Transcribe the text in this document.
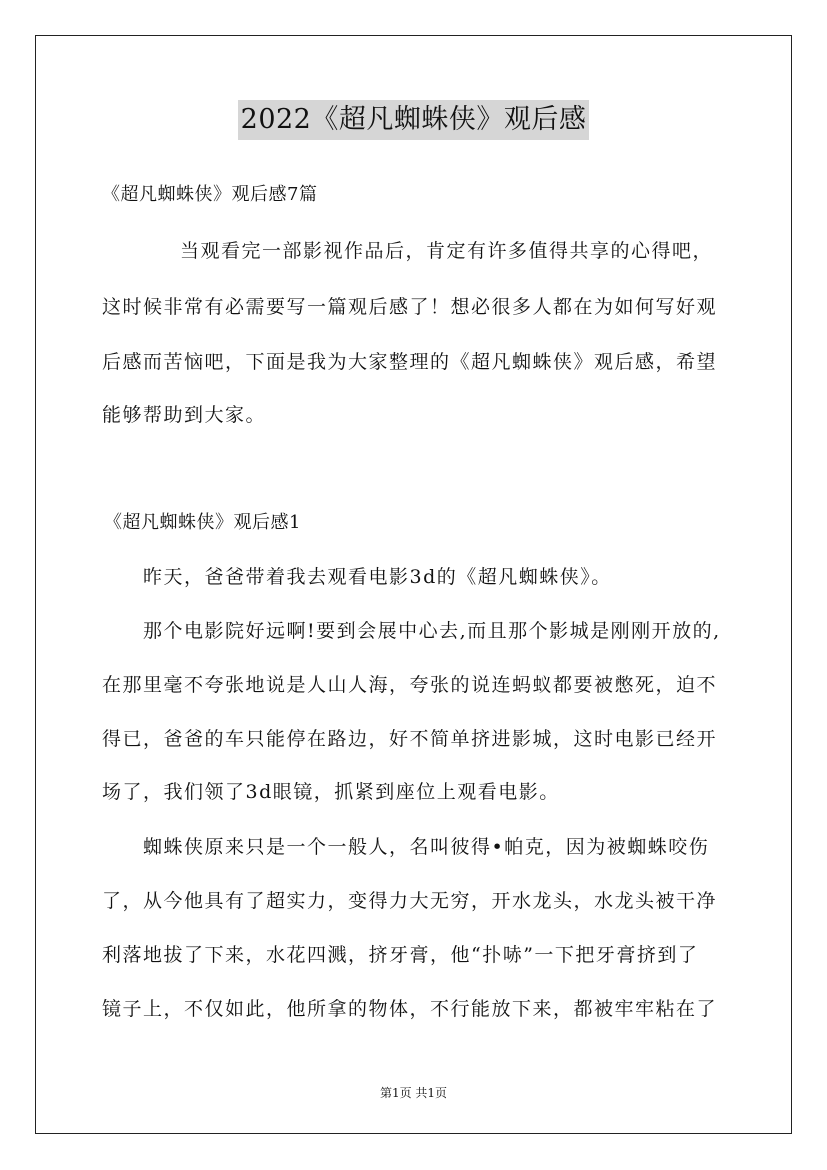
2022《超凡蜘蛛侠》观后感
《超凡蜘蛛侠》观后感7篇
当观看完一部影视作品后，肯定有许多值得共享的心得吧，
这时候非常有必需要写一篇观后感了！想必很多人都在为如何写好观
后感而苦恼吧，下面是我为大家整理的《超凡蜘蛛侠》观后感，希望
能够帮助到大家。
《超凡蜘蛛侠》观后感1
昨天，爸爸带着我去观看电影3d的《超凡蜘蛛侠》。
那个电影院好远啊!要到会展中心去,而且那个影城是刚刚开放的,
在那里毫不夸张地说是人山人海，夸张的说连蚂蚁都要被憋死，迫不
得已，爸爸的车只能停在路边，好不简单挤进影城，这时电影已经开
场了，我们领了3d眼镜，抓紧到座位上观看电影。
蜘蛛侠原来只是一个一般人，名叫彼得•帕克，因为被蜘蛛咬伤
了，从今他具有了超实力，变得力大无穷，开水龙头，水龙头被干净
利落地拔了下来，水花四溅，挤牙膏，他“扑哧”一下把牙膏挤到了
镜子上，不仅如此，他所拿的物体，不行能放下来，都被牢牢粘在了
第1页 共1页
